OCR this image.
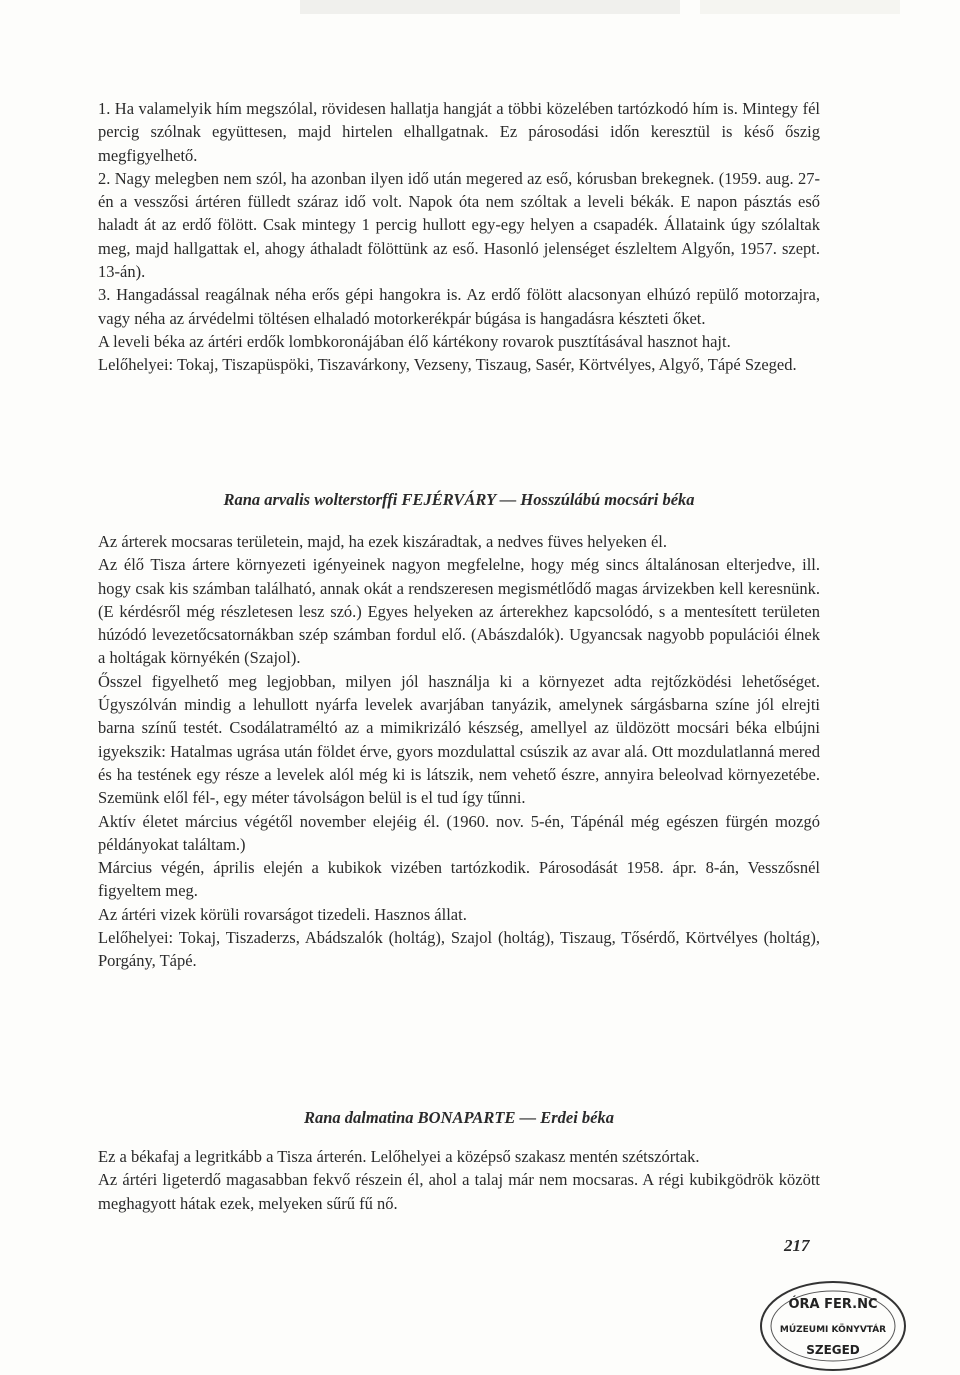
1. Ha valamelyik hím megszólal, rövidesen hallatja hangját a többi közelében tartózkodó hím is. Mintegy fél percig szólnak együttesen, majd hirtelen elhallgatnak. Ez párosodási időn keresztül is késő őszig megfigyelhető.

2. Nagy melegben nem szól, ha azonban ilyen idő után megered az eső, kórusban brekegnek. (1959. aug. 27-én a vesszősi ártéren fülledt száraz idő volt. Napok óta nem szóltak a leveli békák. E napon pásztás eső haladt át az erdő fölött. Csak mintegy 1 percig hullott egy-egy helyen a csapadék. Állataink úgy szólaltak meg, majd hallgattak el, ahogy áthaladt fölöttünk az eső. Hasonló jelenséget észleltem Algyőn, 1957. szept. 13-án).

3. Hangadással reagálnak néha erős gépi hangokra is. Az erdő fölött alacsonyan elhúzó repülő motorzajra, vagy néha az árvédelmi töltésen elhaladó motorkerékpár búgása is hangadásra készteti őket.

A leveli béka az ártéri erdők lombkoronájában élő kártékony rovarok pusztításával hasznot hajt.

Lelőhelyei: Tokaj, Tiszapüspöki, Tiszavárkony, Vezseny, Tiszaug, Sasér, Körtvélyes, Algyő, Tápé Szeged.

Rana arvalis wolterstorffi FEJÉRVÁRY — Hosszúlábú mocsári béka

Az árterek mocsaras területein, majd, ha ezek kiszáradtak, a nedves füves helyeken él.

Az élő Tisza ártere környezeti igényeinek nagyon megfelelne, hogy még sincs általánosan elterjedve, ill. hogy csak kis számban található, annak okát a rendszeresen megismétlődő magas árvizekben kell keresnünk. (E kérdésről még részletesen lesz szó.) Egyes helyeken az árterekhez kapcsolódó, s a mentesített területen húzódó levezetőcsatornákban szép számban fordul elő. (Abászdalók). Ugyancsak nagyobb populációi élnek a holtágak környékén (Szajol).

Ősszel figyelhető meg legjobban, milyen jól használja ki a környezet adta rejtőzködési lehetőséget. Úgyszólván mindig a lehullott nyárfa levelek avarjában tanyázik, amelynek sárgásbarna színe jól elrejti barna színű testét. Csodálatraméltó az a mimikrizáló készség, amellyel az üldözött mocsári béka elbújni igyekszik: Hatalmas ugrása után földet érve, gyors mozdulattal csúszik az avar alá. Ott mozdulatlanná mered és ha testének egy része a levelek alól még ki is látszik, nem vehető észre, annyira beleolvad környezetébe. Szemünk elől fél-, egy méter távolságon belül is el tud így tűnni.

Aktív életet március végétől november elejéig él. (1960. nov. 5-én, Tápénál még egészen fürgén mozgó példányokat találtam.)

Március végén, április elején a kubikok vizében tartózkodik. Párosodását 1958. ápr. 8-án, Vesszősnél figyeltem meg.

Az ártéri vizek körüli rovarságot tizedeli. Hasznos állat.

Lelőhelyei: Tokaj, Tiszaderzs, Abádszalók (holtág), Szajol (holtág), Tiszaug, Tősérdő, Körtvélyes (holtág), Porgány, Tápé.

Rana dalmatina BONAPARTE — Erdei béka

Ez a békafaj a legritkább a Tisza árterén. Lelőhelyei a középső szakasz mentén szétszórtak.

Az ártéri ligeterdő magasabban fekvő részein él, ahol a talaj már nem mocsaras. A régi kubikgödrök között meghagyott hátak ezek, melyeken sűrű fű nő.

217
ÓRA FER.NC
MÚZEUMI KÖNYVTÁR
SZEGED
